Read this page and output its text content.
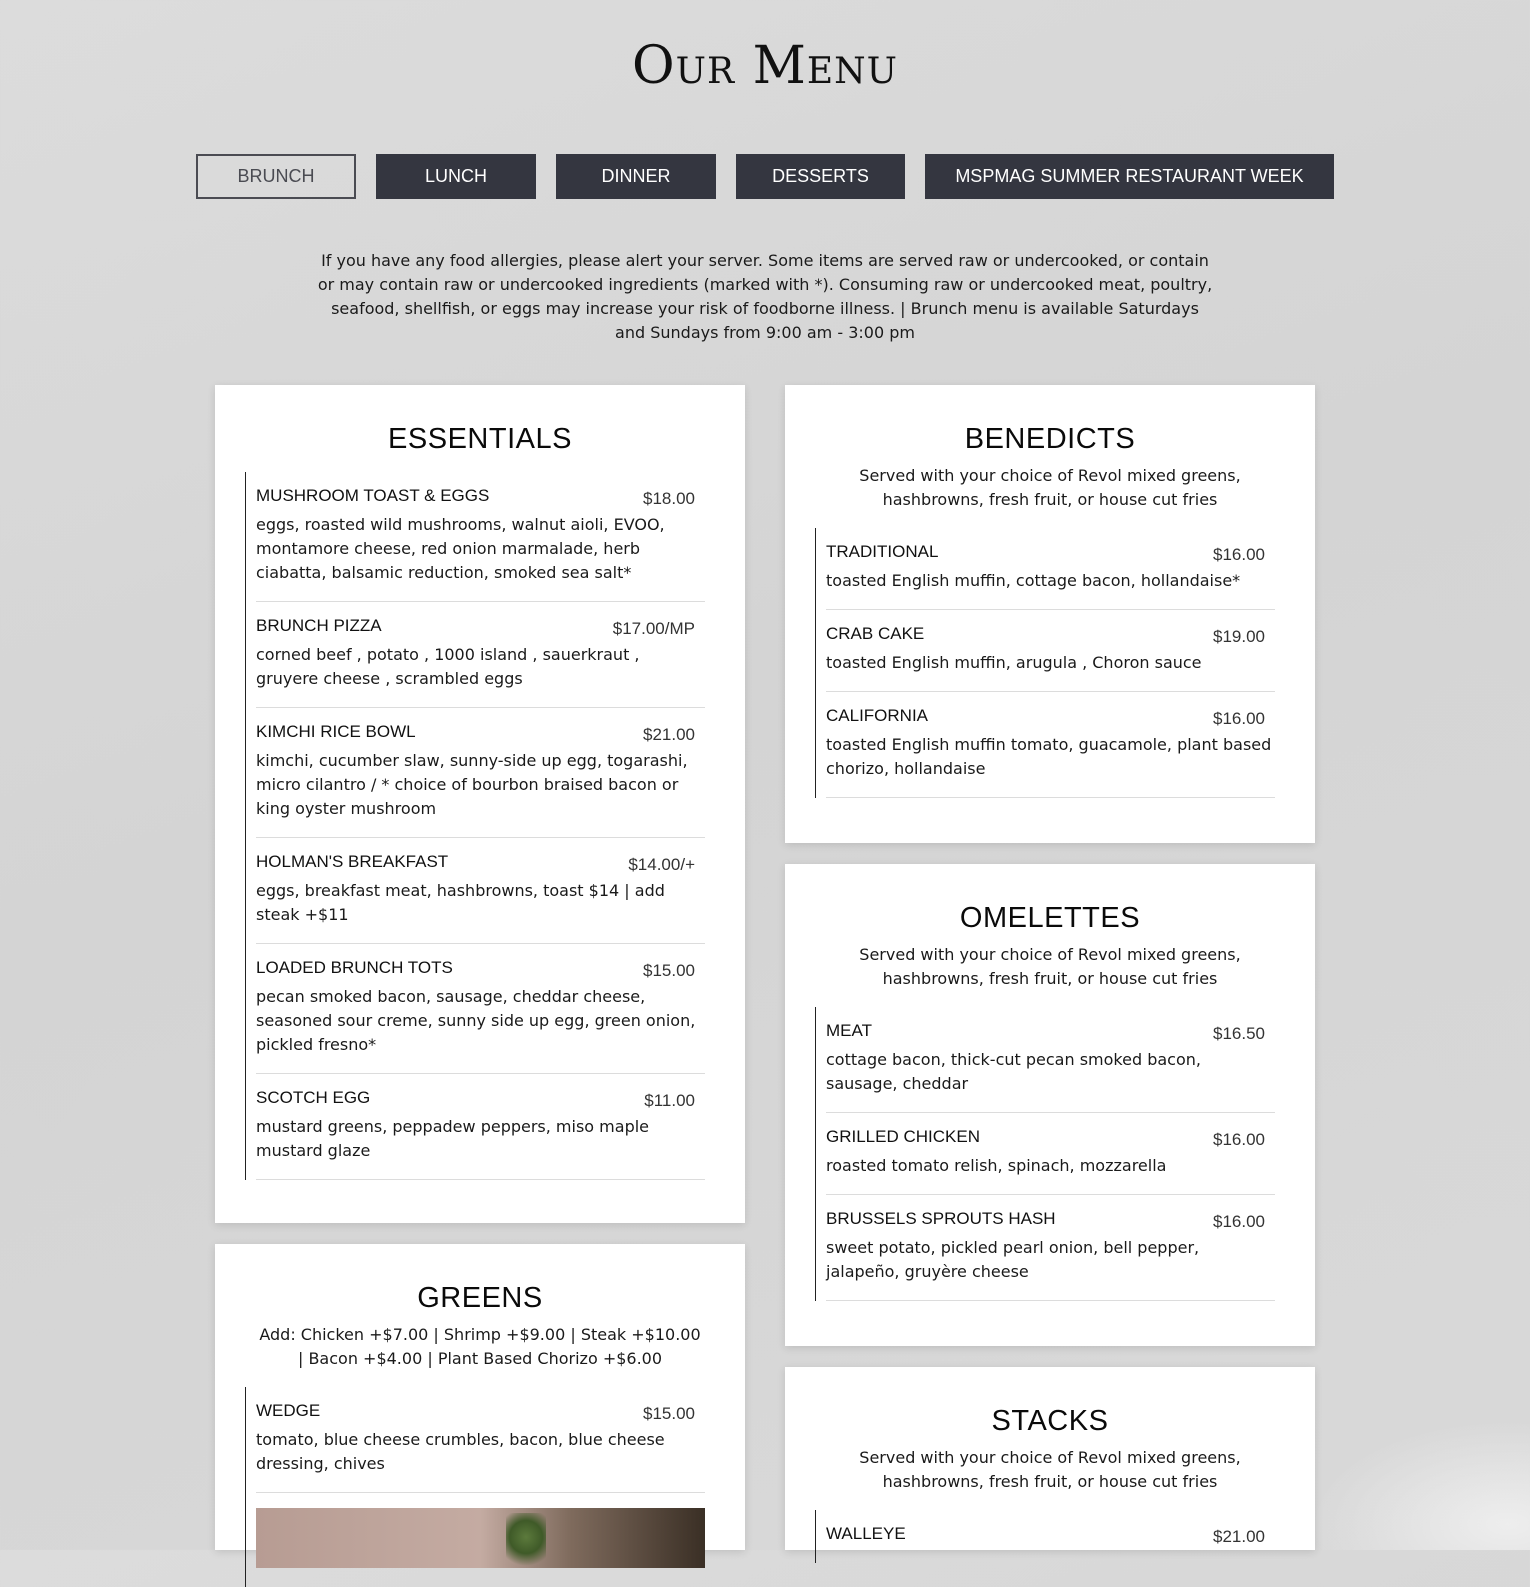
Our Menu
BRUNCH	LUNCH	DINNER	DESSERTS	MSPMAG SUMMER RESTAURANT WEEK

If you have any food allergies, please alert your server. Some items are served raw or undercooked, or contain or may contain raw or undercooked ingredients (marked with *). Consuming raw or undercooked meat, poultry, seafood, shellfish, or eggs may increase your risk of foodborne illness. | Brunch menu is available Saturdays and Sundays from 9:00 am - 3:00 pm

ESSENTIALS
MUSHROOM TOAST & EGGS	$18.00
eggs, roasted wild mushrooms, walnut aioli, EVOO, montamore cheese, red onion marmalade, herb ciabatta, balsamic reduction, smoked sea salt*
BRUNCH PIZZA	$17.00/MP
corned beef , potato , 1000 island , sauerkraut , gruyere cheese , scrambled eggs
KIMCHI RICE BOWL	$21.00
kimchi, cucumber slaw, sunny-side up egg, togarashi, micro cilantro / * choice of bourbon braised bacon or king oyster mushroom
HOLMAN'S BREAKFAST	$14.00/+
eggs, breakfast meat, hashbrowns, toast $14 | add steak +$11
LOADED BRUNCH TOTS	$15.00
pecan smoked bacon, sausage, cheddar cheese, seasoned sour creme, sunny side up egg, green onion, pickled fresno*
SCOTCH EGG	$11.00
mustard greens, peppadew peppers, miso maple mustard glaze
GREENS

Add: Chicken +$7.00 | Shrimp +$9.00 | Steak +$10.00 | Bacon +$4.00 | Plant Based Chorizo +$6.00

WEDGE	$15.00
tomato, blue cheese crumbles, bacon, blue cheese dressing, chives
BENEDICTS

Served with your choice of Revol mixed greens, hashbrowns, fresh fruit, or house cut fries

TRADITIONAL	$16.00
toasted English muffin, cottage bacon, hollandaise*
CRAB CAKE	$19.00
toasted English muffin, arugula , Choron sauce
CALIFORNIA	$16.00
toasted English muffin tomato, guacamole, plant based chorizo, hollandaise
OMELETTES

Served with your choice of Revol mixed greens, hashbrowns, fresh fruit, or house cut fries

MEAT	$16.50
cottage bacon, thick-cut pecan smoked bacon, sausage, cheddar
GRILLED CHICKEN	$16.00
roasted tomato relish, spinach, mozzarella
BRUSSELS SPROUTS HASH	$16.00
sweet potato, pickled pearl onion, bell pepper, jalapeño, gruyère cheese
STACKS

Served with your choice of Revol mixed greens, hashbrowns, fresh fruit, or house cut fries

WALLEYE	$21.00
